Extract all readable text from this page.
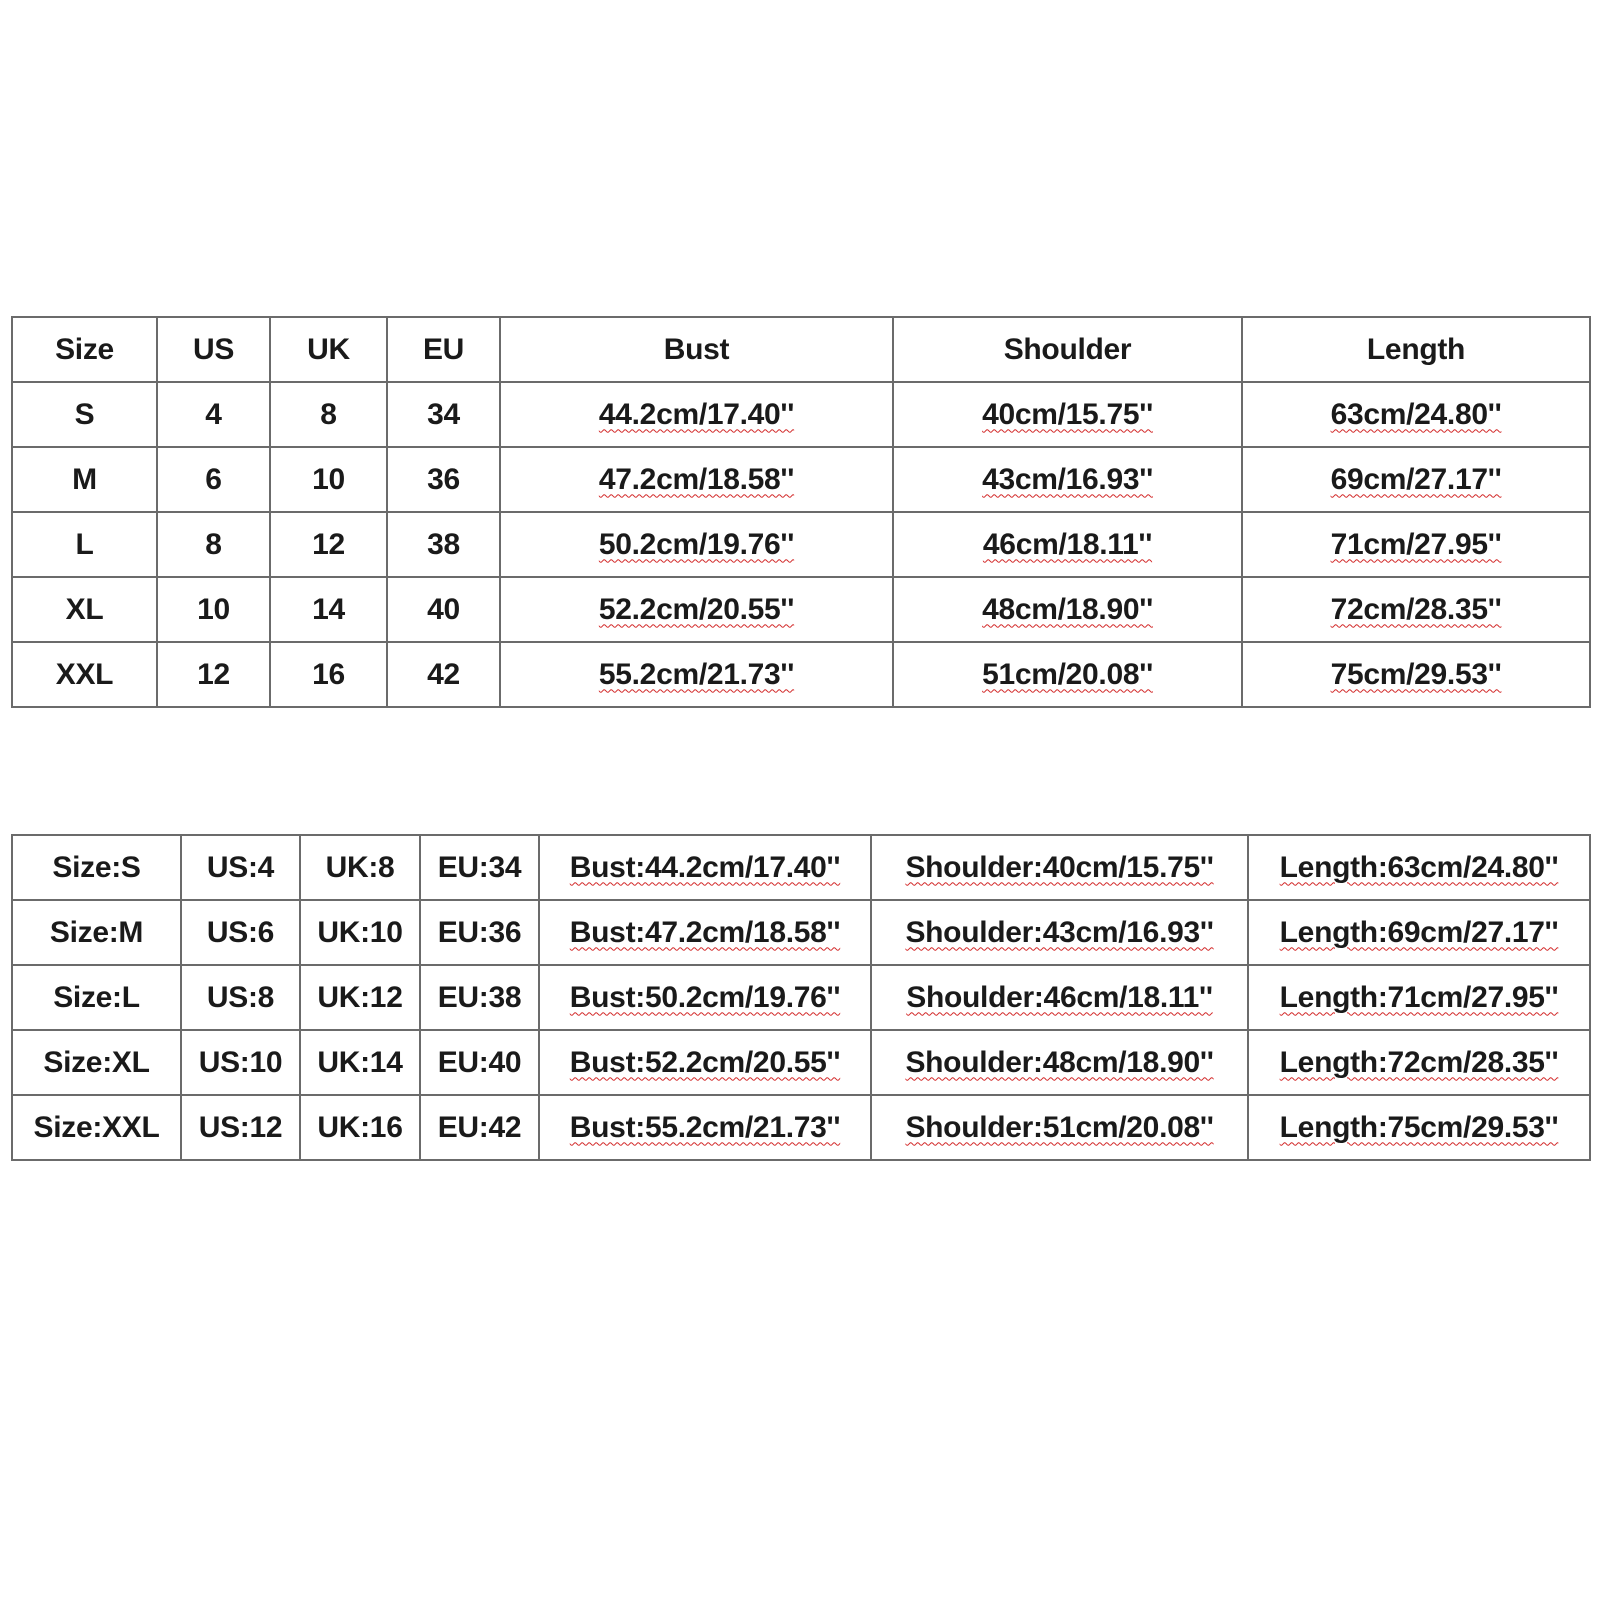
Size	US	UK	EU	Bust	Shoulder	Length
S	4	8	34	44.2cm/17.40''	40cm/15.75''	63cm/24.80''
M	6	10	36	47.2cm/18.58''	43cm/16.93''	69cm/27.17''
L	8	12	38	50.2cm/19.76''	46cm/18.11''	71cm/27.95''
XL	10	14	40	52.2cm/20.55''	48cm/18.90''	72cm/28.35''
XXL	12	16	42	55.2cm/21.73''	51cm/20.08''	75cm/29.53''
Size:S	US:4	UK:8	EU:34	Bust:44.2cm/17.40''	Shoulder:40cm/15.75''	Length:63cm/24.80''
Size:M	US:6	UK:10	EU:36	Bust:47.2cm/18.58''	Shoulder:43cm/16.93''	Length:69cm/27.17''
Size:L	US:8	UK:12	EU:38	Bust:50.2cm/19.76''	Shoulder:46cm/18.11''	Length:71cm/27.95''
Size:XL	US:10	UK:14	EU:40	Bust:52.2cm/20.55''	Shoulder:48cm/18.90''	Length:72cm/28.35''
Size:XXL	US:12	UK:16	EU:42	Bust:55.2cm/21.73''	Shoulder:51cm/20.08''	Length:75cm/29.53''
